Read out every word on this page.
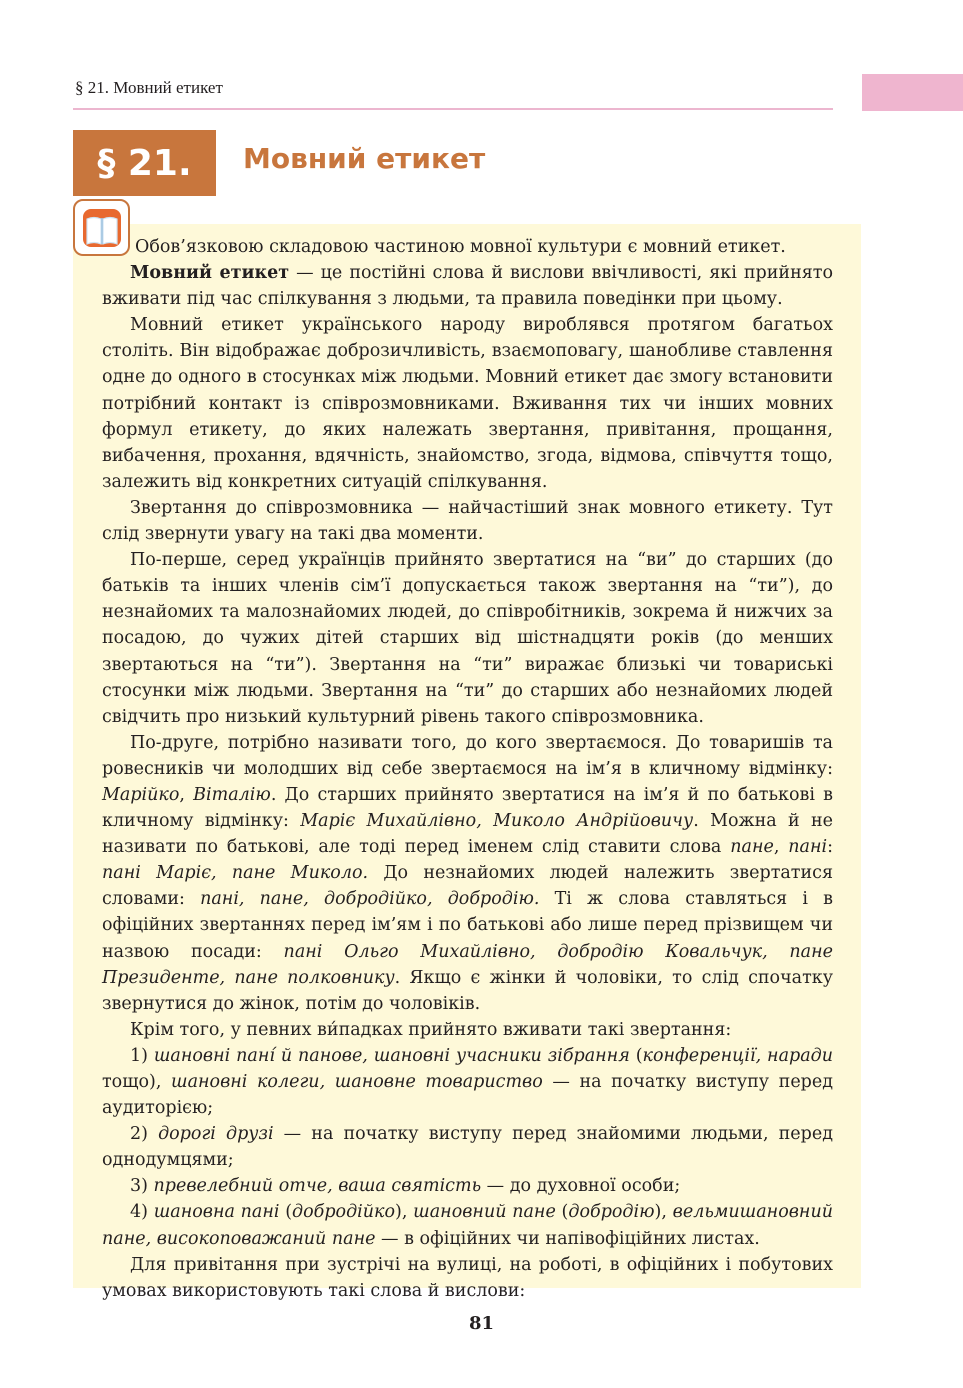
§ 21. Мовний етикет
§ 21.	Мовний етикет

Обов’язковою складовою частиною мовної культури є мовний етикет.

Мовний етикет — це постійні слова й вислови ввічливості, які прийнято вживати під час спілкування з людьми, та правила поведінки при цьому.

Мовний етикет українського народу вироблявся протягом багатьох століть. Він відображає доброзичливість, взаємоповагу, шанобливе ставлення одне до одного в стосунках між людьми. Мовний етикет дає змогу встановити потрібний контакт із співрозмовниками. Вживання тих чи інших мовних формул етикету, до яких належать звертання, привітання, прощання, вибачення, прохання, вдячність, знайомство, згода, відмова, співчуття тощо, залежить від конкретних ситуацій спілкування.

Звертання до співрозмовника — найчастіший знак мовного етикету. Тут слід звернути увагу на такі два моменти.

По-перше, серед українців прийнято звертатися на “ви” до старших (до батьків та інших членів сім’ї допускається також звертання на “ти”), до незнайомих та малознайомих людей, до співробітників, зокрема й нижчих за посадою, до чужих дітей старших від шістнадцяти років (до менших звертаються на “ти”). Звертання на “ти” виражає близькі чи товариські стосунки між людьми. Звертання на “ти” до старших або незнайомих людей свідчить про низький культурний рівень такого співрозмовника.

По-друге, потрібно називати того, до кого звертаємося. До товаришів та ровесників чи молодших від себе звертаємося на ім’я в кличному відмінку: Марійко, Віталію. До старших прийнято звертатися на ім’я й по батькові в кличному відмінку: Маріє Михайлівно, Миколо Андрійовичу. Можна й не називати по батькові, але тоді перед іменем слід ставити слова пане, пані: пані Маріє, пане Миколо. До незнайомих людей належить звертатися словами: пані, пане, добродійко, добродію. Ті ж слова ставляться і в офіційних звертаннях перед ім’ям і по батькові або лише перед прізвищем чи назвою посади: пані Ольго Михайлівно, добродію Ковальчук, пане Президенте, пане полковнику. Якщо є жінки й чоловіки, то слід спочатку звернутися до жінок, потім до чоловіків.

Крім того, у певних ви́падках прийнято вживати такі звертання:

1) шановні пані́ й панове, шановні учасники зібрання (конференції, наради тощо), шановні колеги, шановне товариство — на початку виступу перед аудиторією;

2) дорогі друзі — на початку виступу перед знайомими людьми, перед однодумцями;

3) превелебний отче, ваша святість — до духовної особи;

4) шановна пані (добродійко), шановний пане (добродію), вельмишановний пане, високоповажаний пане — в офіційних чи напівофіційних листах.

Для привітання при зустрічі на вулиці, на роботі, в офіційних і побутових умовах використовують такі слова й вислови:

81
